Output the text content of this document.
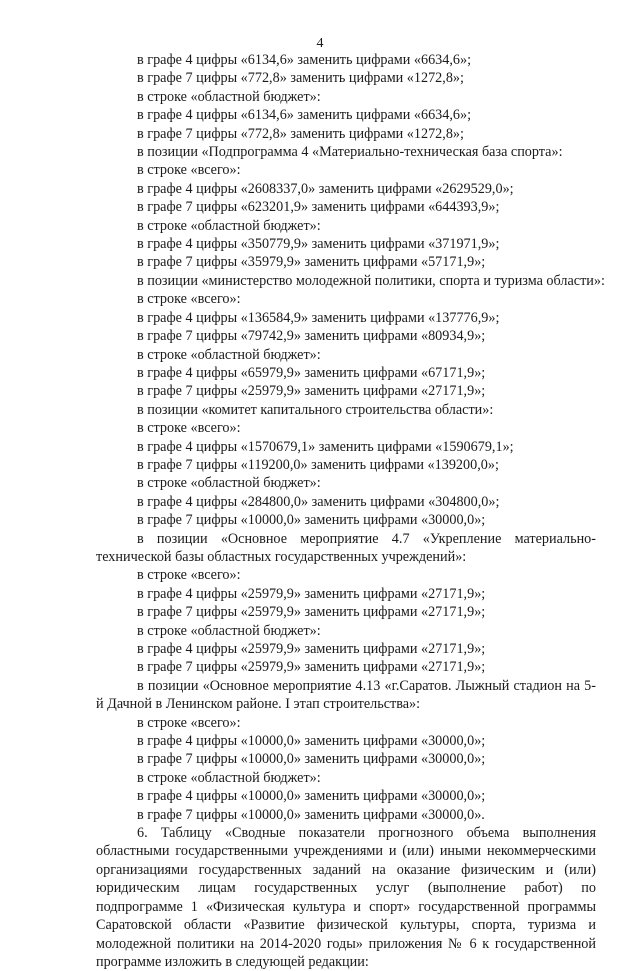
4
в графе 4 цифры «6134,6» заменить цифрами «6634,6»;
в графе 7 цифры «772,8» заменить цифрами «1272,8»;
в строке «областной бюджет»:
в графе 4 цифры «6134,6» заменить цифрами «6634,6»;
в графе 7 цифры «772,8» заменить цифрами «1272,8»;
в позиции «Подпрограмма 4 «Материально-техническая база спорта»:
в строке «всего»:
в графе 4 цифры «2608337,0» заменить цифрами «2629529,0»;
в графе 7 цифры «623201,9» заменить цифрами «644393,9»;
в строке «областной бюджет»:
в графе 4 цифры «350779,9» заменить цифрами «371971,9»;
в графе 7 цифры «35979,9» заменить цифрами «57171,9»;
в позиции «министерство молодежной политики, спорта и туризма области»:
в строке «всего»:
в графе 4 цифры «136584,9» заменить цифрами «137776,9»;
в графе 7 цифры «79742,9» заменить цифрами «80934,9»;
в строке «областной бюджет»:
в графе 4 цифры «65979,9» заменить цифрами «67171,9»;
в графе 7 цифры «25979,9» заменить цифрами «27171,9»;
в позиции «комитет капитального строительства области»:
в строке «всего»:
в графе 4 цифры «1570679,1» заменить цифрами «1590679,1»;
в графе 7 цифры «119200,0» заменить цифрами «139200,0»;
в строке «областной бюджет»:
в графе 4 цифры «284800,0» заменить цифрами «304800,0»;
в графе 7 цифры «10000,0» заменить цифрами «30000,0»;
в позиции «Основное мероприятие 4.7 «Укрепление материально-технической базы областных государственных учреждений»:
в строке «всего»:
в графе 4 цифры «25979,9» заменить цифрами «27171,9»;
в графе 7 цифры «25979,9» заменить цифрами «27171,9»;
в строке «областной бюджет»:
в графе 4 цифры «25979,9» заменить цифрами «27171,9»;
в графе 7 цифры «25979,9» заменить цифрами «27171,9»;
в позиции «Основное мероприятие 4.13 «г.Саратов. Лыжный стадион на 5-й Дачной в Ленинском районе. I этап строительства»:
в строке «всего»:
в графе 4 цифры «10000,0» заменить цифрами «30000,0»;
в графе 7 цифры «10000,0» заменить цифрами «30000,0»;
в строке «областной бюджет»:
в графе 4 цифры «10000,0» заменить цифрами «30000,0»;
в графе 7 цифры «10000,0» заменить цифрами «30000,0».
6. Таблицу «Сводные показатели прогнозного объема выполнения областными государственными учреждениями и (или) иными некоммерческими организациями государственных заданий на оказание физическим и (или) юридическим лицам государственных услуг (выполнение работ) по подпрограмме 1 «Физическая культура и спорт» государственной программы Саратовской области «Развитие физической культуры, спорта, туризма и молодежной политики на 2014-2020 годы» приложения № 6 к государственной программе изложить в следующей редакции:
